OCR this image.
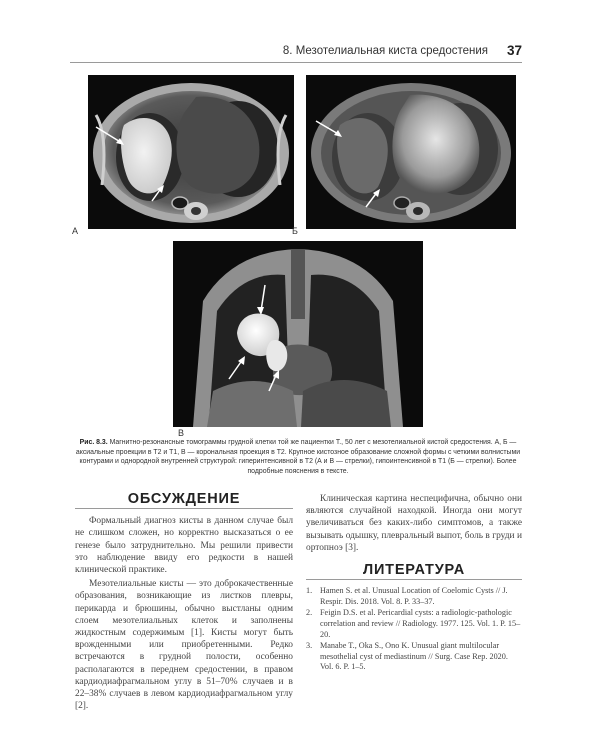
8. Мезотелиальная киста средостения 37
А	Б
В

Рис. 8.3. Магнитно-резонансные томограммы грудной клетки той же пациентки Т., 50 лет с мезотелиальной кистой средостения. А, Б — аксиальные проекции в Т2 и Т1, В — корональная проекция в Т2. Крупное кистозное образование сложной формы с четкими волнистыми контурами и однородной внутренней структурой: гиперинтенсивной в Т2 (А и В — стрелки), гипоинтенсивной в Т1 (Б — стрелки). Более подробные пояснения в тексте.

ОБСУЖДЕНИЕ

Формальный диагноз кисты в данном случае был не слишком сложен, но корректно высказаться о ее генезе было затруднительно. Мы решили привести это наблюдение ввиду его редкости в нашей клинической практике.

Мезотелиальные кисты — это доброкачественные образования, возникающие из листков плевры, перикарда и брюшины, обычно выстланы одним слоем мезотелиальных клеток и заполнены жидкостным содержимым [1]. Кисты могут быть врожденными или приобретенными. Редко встречаются в грудной полости, особенно располагаются в переднем средостении, в правом кардиодиафрагмальном углу в 51–70% случаев и в 22–38% случаев в левом кардиодиафрагмальном углу [2].

Клиническая картина неспецифична, обычно они являются случайной находкой. Иногда они могут увеличиваться без каких-либо симптомов, а также вызывать одышку, плевральный выпот, боль в груди и ортопноэ [3].

ЛИТЕРАТУРА
1. Hamen S. et al. Unusual Location of Coelomic Cysts // J. Respir. Dis. 2018. Vol. 8. P. 33–37.
2. Feigin D.S. et al. Pericardial cysts: a radiologic-pathologic correlation and review // Radiology. 1977. 125. Vol. 1. P. 15–20.
3. Manabe T., Oka S., Ono K. Unusual giant multilocular mesothelial cyst of mediastinum // Surg. Case Rep. 2020. Vol. 6. P. 1–5.
